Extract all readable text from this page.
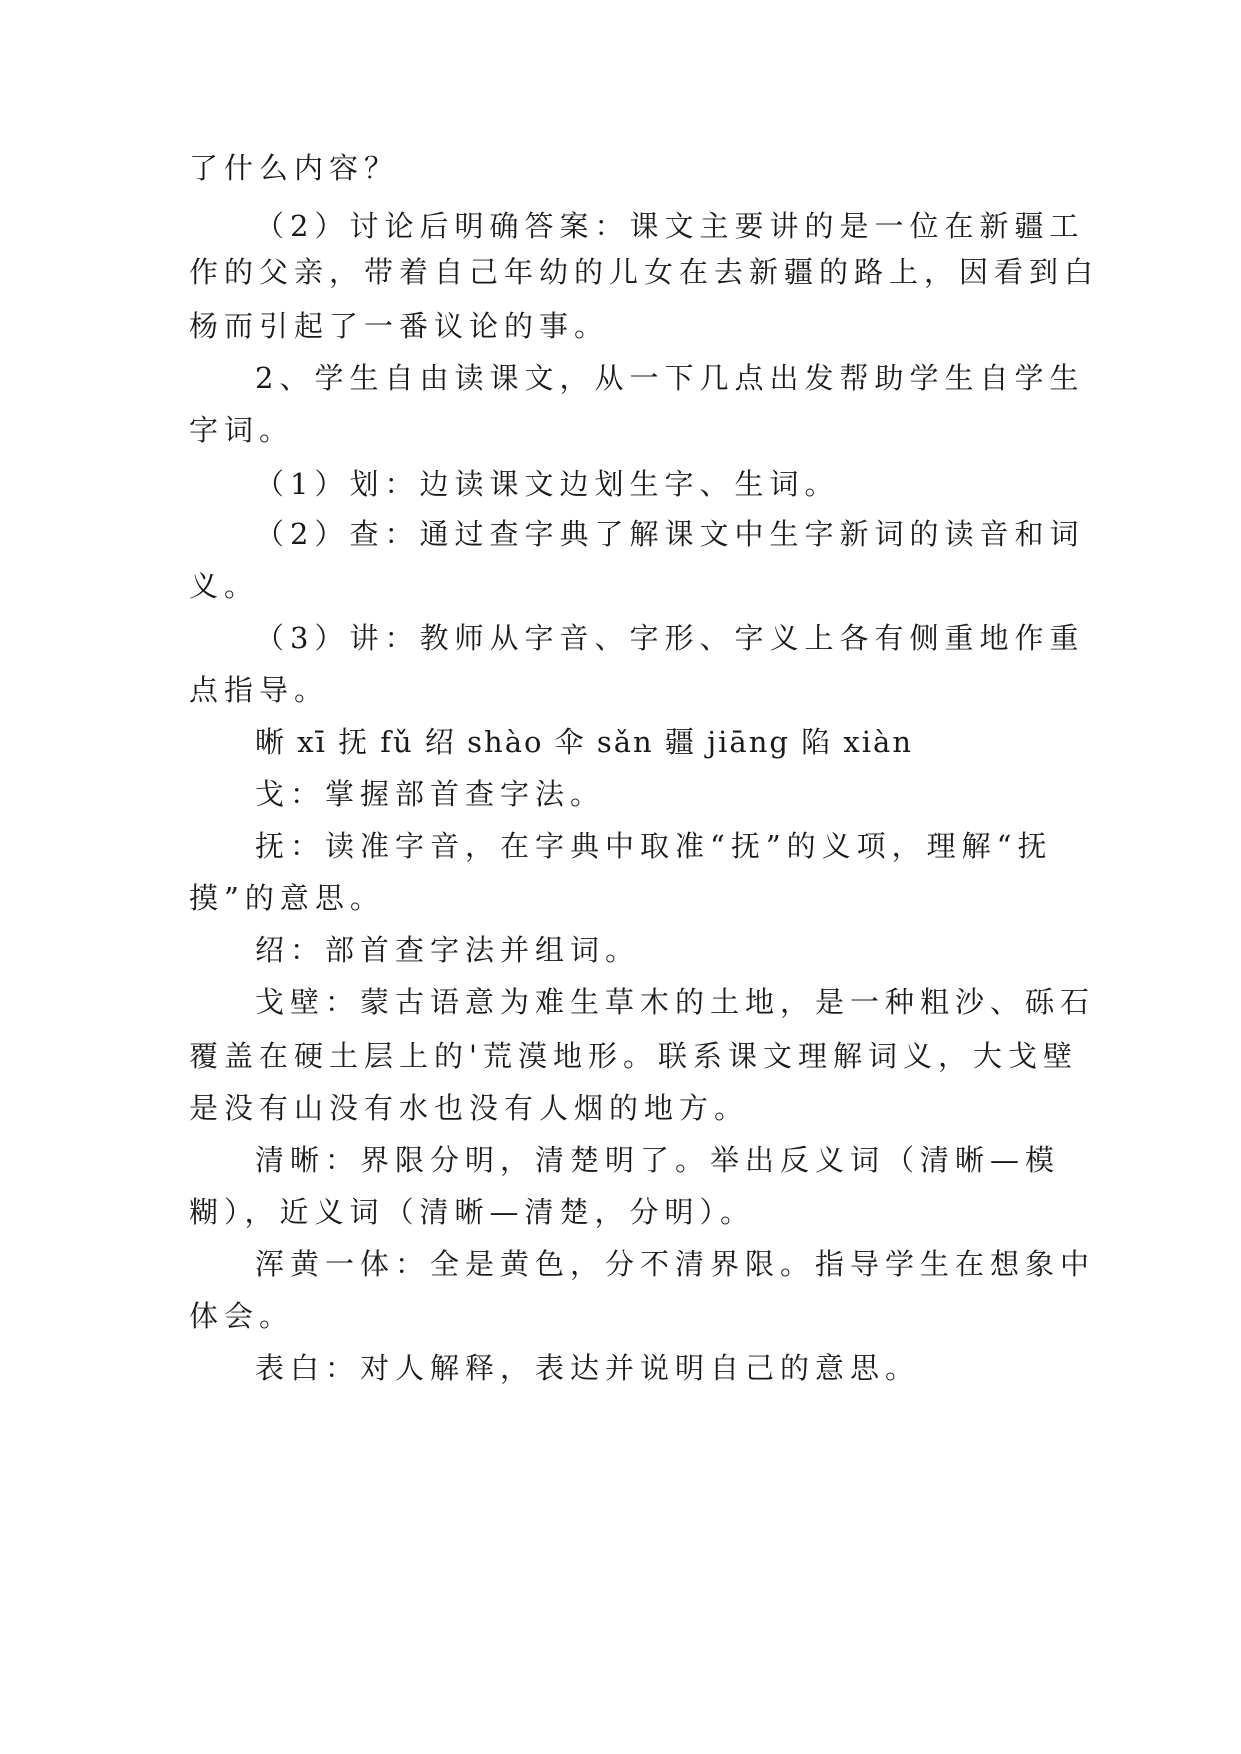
了什么内容？

（2）讨论后明确答案：课文主要讲的是一位在新疆工

作的父亲，带着自己年幼的儿女在去新疆的路上，因看到白

杨而引起了一番议论的事。

2、学生自由读课文，从一下几点出发帮助学生自学生

字词。

（1）划：边读课文边划生字、生词。

（2）查：通过查字典了解课文中生字新词的读音和词

义。

（3）讲：教师从字音、字形、字义上各有侧重地作重

点指导。

晰 xī 抚 fǔ 绍 shào 伞 sǎn 疆 jiāng 陷 xiàn

戈：掌握部首查字法。

抚：读准字音，在字典中取准“抚”的义项，理解“抚

摸”的意思。

绍：部首查字法并组词。

戈壁：蒙古语意为难生草木的土地，是一种粗沙、砾石

覆盖在硬土层上的'荒漠地形。联系课文理解词义，大戈壁

是没有山没有水也没有人烟的地方。

清晰：界限分明，清楚明了。举出反义词（清晰—模

糊），近义词（清晰—清楚，分明）。

浑黄一体：全是黄色，分不清界限。指导学生在想象中

体会。

表白：对人解释，表达并说明自己的意思。
